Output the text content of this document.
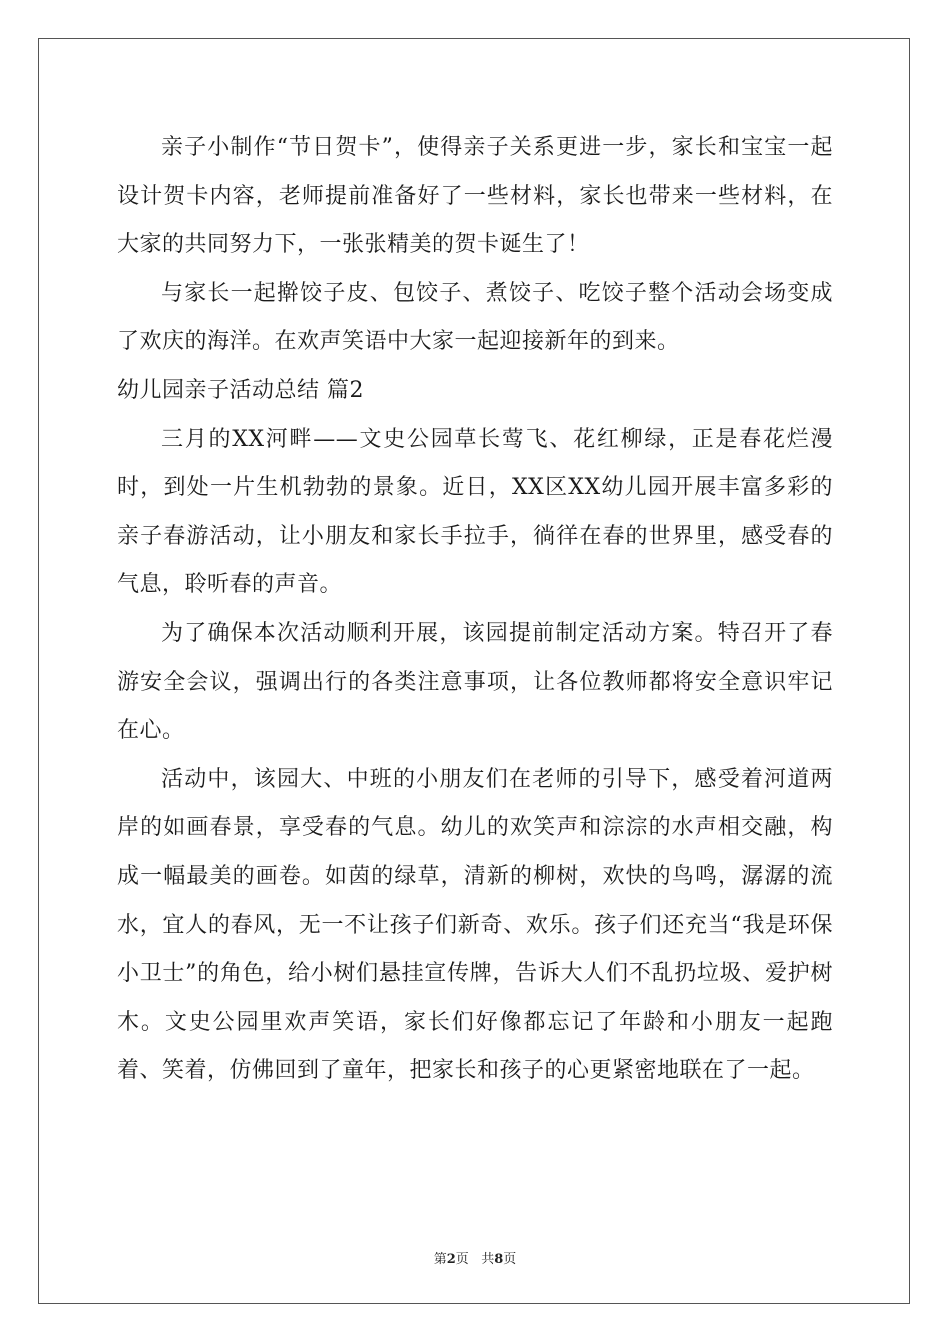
亲子小制作“节日贺卡”，使得亲子关系更进一步，家长和宝宝一起设计贺卡内容，老师提前准备好了一些材料，家长也带来一些材料，在大家的共同努力下，一张张精美的贺卡诞生了！

与家长一起擀饺子皮、包饺子、煮饺子、吃饺子整个活动会场变成了欢庆的海洋。在欢声笑语中大家一起迎接新年的到来。

幼儿园亲子活动总结 篇2

三月的XX河畔——文史公园草长莺飞、花红柳绿，正是春花烂漫时，到处一片生机勃勃的景象。近日，XX区XX幼儿园开展丰富多彩的亲子春游活动，让小朋友和家长手拉手，徜徉在春的世界里，感受春的气息，聆听春的声音。

为了确保本次活动顺利开展，该园提前制定活动方案。特召开了春游安全会议，强调出行的各类注意事项，让各位教师都将安全意识牢记在心。

活动中，该园大、中班的小朋友们在老师的引导下，感受着河道两岸的如画春景，享受春的气息。幼儿的欢笑声和淙淙的水声相交融，构成一幅最美的画卷。如茵的绿草，清新的柳树，欢快的鸟鸣，潺潺的流水，宜人的春风，无一不让孩子们新奇、欢乐。孩子们还充当“我是环保小卫士”的角色，给小树们悬挂宣传牌，告诉大人们不乱扔垃圾、爱护树木。文史公园里欢声笑语，家长们好像都忘记了年龄和小朋友一起跑着、笑着，仿佛回到了童年，把家长和孩子的心更紧密地联在了一起。

第2页 共8页
